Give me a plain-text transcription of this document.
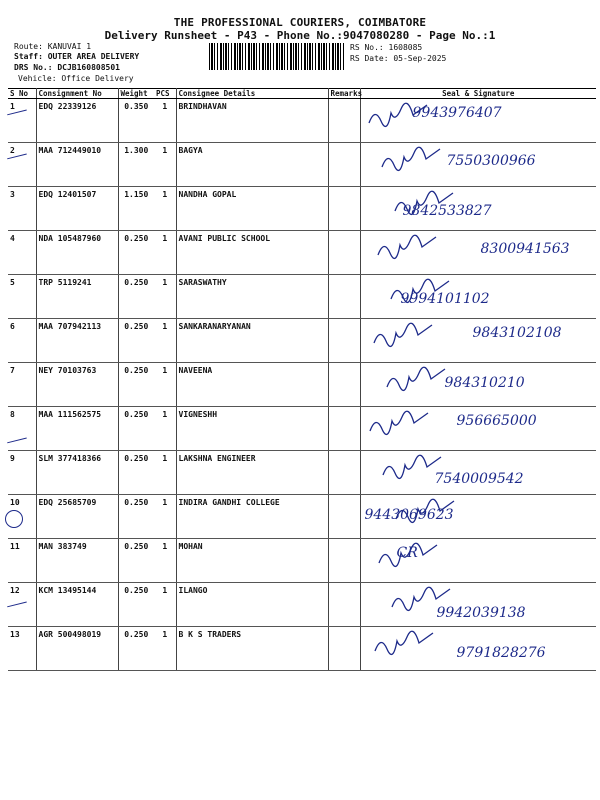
THE PROFESSIONAL COURIERS, COIMBATORE
Delivery Runsheet - P43 - Phone No.:9047080280 - Page No.:1
Route: KANUVAI 1
Staff: OUTER AREA DELIVERY
DRS No.: DCJB160808501
Vehicle: Office Delivery
RS No.: 1608085
RS Date: 05-Sep-2025
S No	Consignment No	Weight	PCS	Consignee Details	Remarks	Seal & Signature
1	EDQ 22339126	0.350	1	BRINDHAVAN		9943976407

2	MAA 712449010	1.300	1	BAGYA		7550300966

3	EDQ 12401507	1.150	1	NANDHA GOPAL		9842533827

4	NDA 105487960	0.250	1	AVANI PUBLIC SCHOOL		8300941563

5	TRP 5119241	0.250	1	SARASWATHY		9994101102

6	MAA 707942113	0.250	1	SANKARANARYANAN		9843102108

7	NEY 70103763	0.250	1	NAVEENA		984310210

8	MAA 111562575	0.250	1	VIGNESHH		956665000

9	SLM 377418366	0.250	1	LAKSHNA ENGINEER		7540009542

10	EDQ 25685709	0.250	1	INDIRA GANDHI COLLEGE		9443069623

11	MAN 383749	0.250	1	MOHAN		CR

12	KCM 13495144	0.250	1	ILANGO		9942039138

13	AGR 500498019	0.250	1	B K S TRADERS		9791828276
